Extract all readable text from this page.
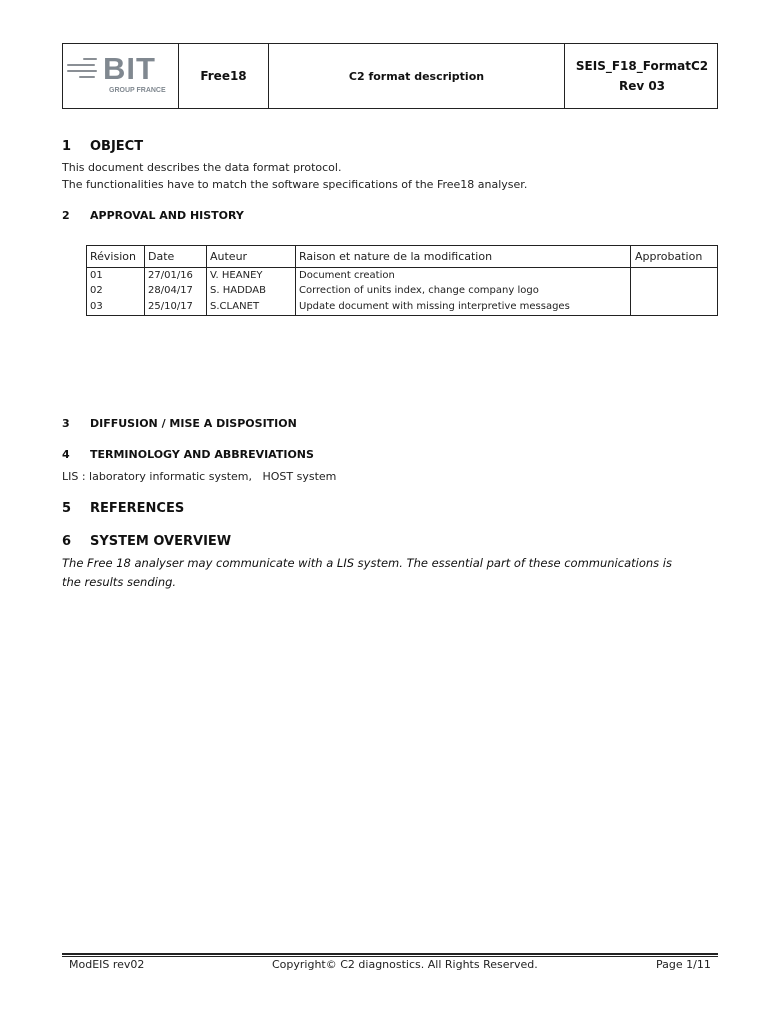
BIT
GROUP FRANCE
Free18	C2 format description
SEIS_F18_FormatC2
Rev 03
1 OBJECT
This document describes the data format protocol.
The functionalities have to match the software specifications of the Free18 analyser.
2 APPROVAL AND HISTORY
Révision Date	Auteur	Raison et nature de la modification	Approbation
01	27/01/16 V. HEANEY	Document creation
02	28/04/17 S. HADDAB	Correction of units index, change company logo
03	25/10/17 S.CLANET	Update document with missing interpretive messages
3 DIFFUSION / MISE A DISPOSITION
4 TERMINOLOGY AND ABBREVIATIONS
LIS : laboratory informatic system,   HOST system
5 REFERENCES
6 SYSTEM OVERVIEW
The Free 18 analyser may communicate with a LIS system. The essential part of these communications is
the results sending.
ModEIS rev02	Copyright© C2 diagnostics. All Rights Reserved.	Page 1/11
